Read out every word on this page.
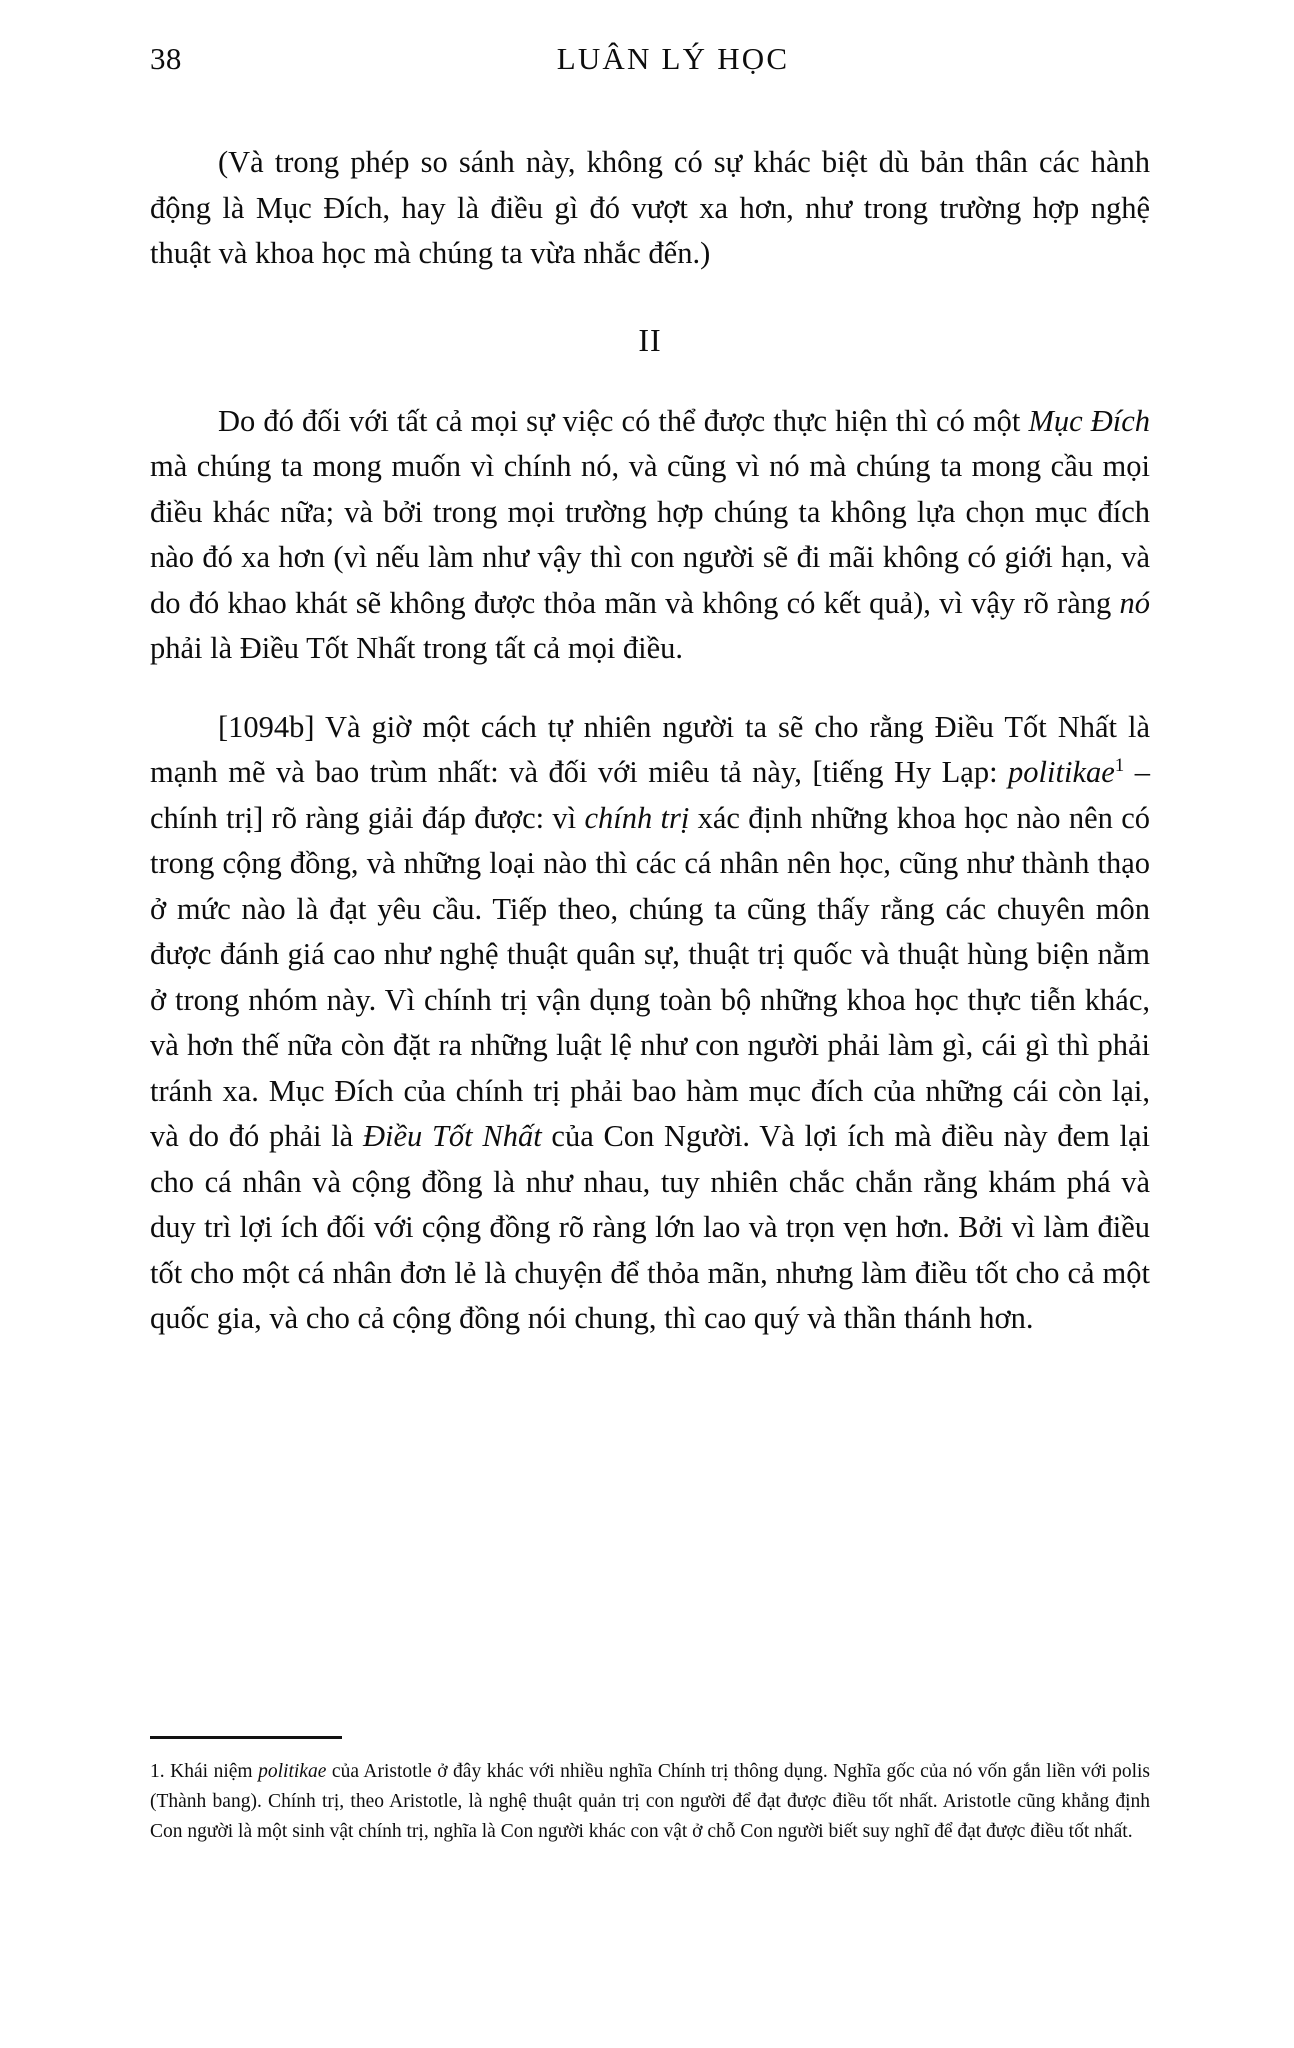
38	LUÂN LÝ HỌC

(Và trong phép so sánh này, không có sự khác biệt dù bản thân các hành động là Mục Đích, hay là điều gì đó vượt xa hơn, như trong trường hợp nghệ thuật và khoa học mà chúng ta vừa nhắc đến.)

II

Do đó đối với tất cả mọi sự việc có thể được thực hiện thì có một Mục Đích mà chúng ta mong muốn vì chính nó, và cũng vì nó mà chúng ta mong cầu mọi điều khác nữa; và bởi trong mọi trường hợp chúng ta không lựa chọn mục đích nào đó xa hơn (vì nếu làm như vậy thì con người sẽ đi mãi không có giới hạn, và do đó khao khát sẽ không được thỏa mãn và không có kết quả), vì vậy rõ ràng nó phải là Điều Tốt Nhất trong tất cả mọi điều.

[1094b] Và giờ một cách tự nhiên người ta sẽ cho rằng Điều Tốt Nhất là mạnh mẽ và bao trùm nhất: và đối với miêu tả này, [tiếng Hy Lạp: politikae$^1$ – chính trị] rõ ràng giải đáp được: vì chính trị xác định những khoa học nào nên có trong cộng đồng, và những loại nào thì các cá nhân nên học, cũng như thành thạo ở mức nào là đạt yêu cầu. Tiếp theo, chúng ta cũng thấy rằng các chuyên môn được đánh giá cao như nghệ thuật quân sự, thuật trị quốc và thuật hùng biện nằm ở trong nhóm này. Vì chính trị vận dụng toàn bộ những khoa học thực tiễn khác, và hơn thế nữa còn đặt ra những luật lệ như con người phải làm gì, cái gì thì phải tránh xa. Mục Đích của chính trị phải bao hàm mục đích của những cái còn lại, và do đó phải là Điều Tốt Nhất của Con Người. Và lợi ích mà điều này đem lại cho cá nhân và cộng đồng là như nhau, tuy nhiên chắc chắn rằng khám phá và duy trì lợi ích đối với cộng đồng rõ ràng lớn lao và trọn vẹn hơn. Bởi vì làm điều tốt cho một cá nhân đơn lẻ là chuyện để thỏa mãn, nhưng làm điều tốt cho cả một quốc gia, và cho cả cộng đồng nói chung, thì cao quý và thần thánh hơn.

1. Khái niệm politikae của Aristotle ở đây khác với nhiều nghĩa Chính trị thông dụng. Nghĩa gốc của nó vốn gắn liền với polis (Thành bang). Chính trị, theo Aristotle, là nghệ thuật quản trị con người để đạt được điều tốt nhất. Aristotle cũng khẳng định Con người là một sinh vật chính trị, nghĩa là Con người khác con vật ở chỗ Con người biết suy nghĩ để đạt được điều tốt nhất.
